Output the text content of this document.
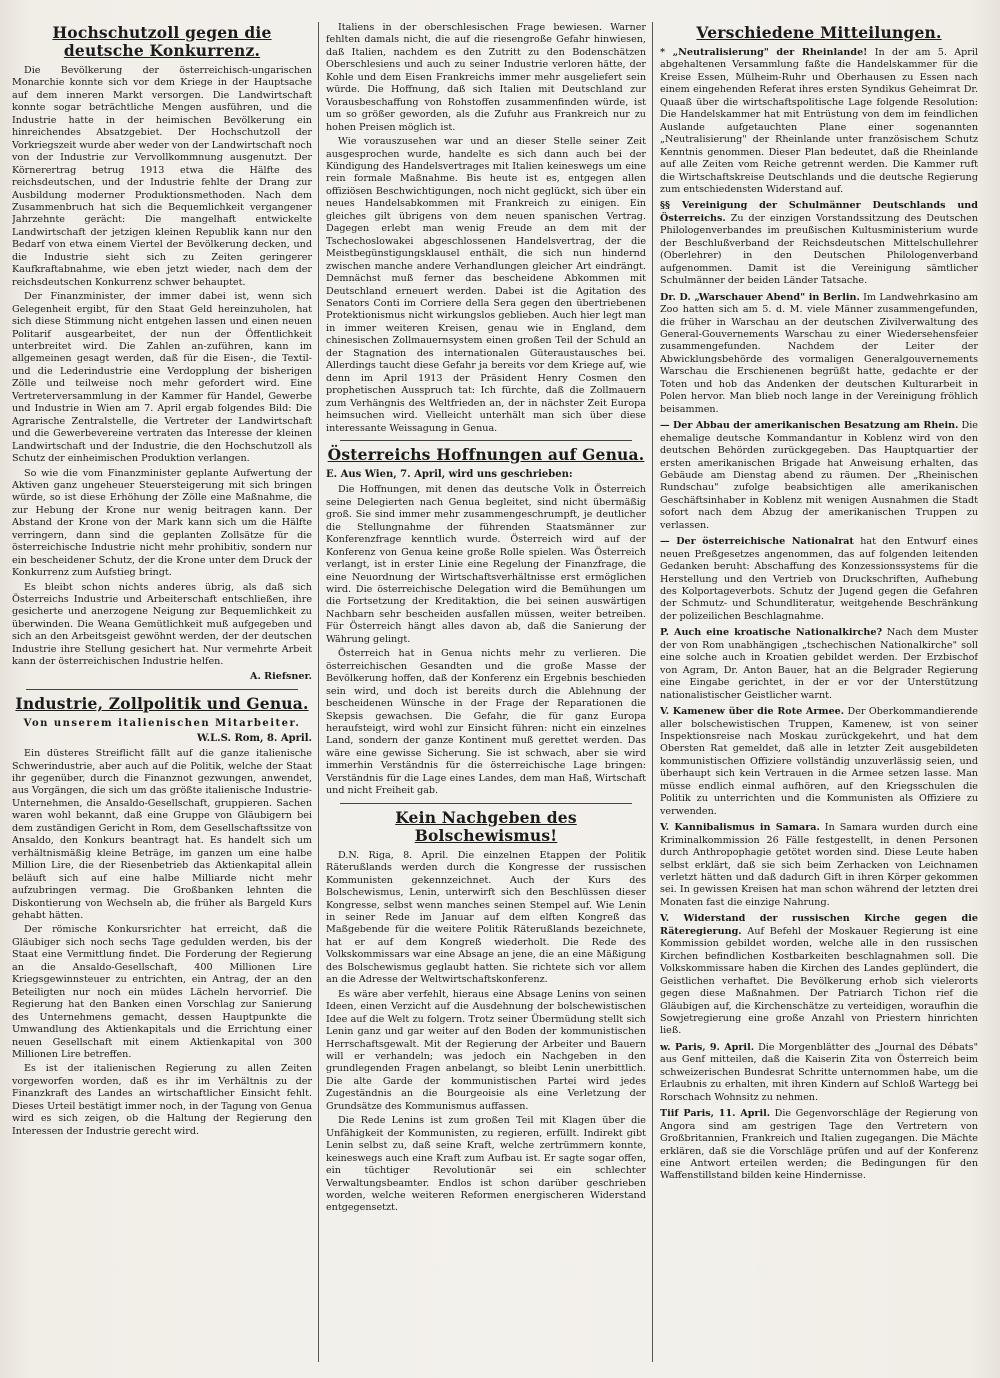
Hochschutzoll gegen die deutsche Konkurrenz.

Die Bevölkerung der österreichisch-ungarischen Monarchie konnte sich vor dem Kriege in der Hauptsache auf dem inneren Markt versorgen. Die Landwirtschaft konnte sogar beträchtliche Mengen ausführen, und die Industrie hatte in der heimischen Bevölkerung ein hinreichendes Absatzgebiet. Der Hochschutzoll der Vorkriegszeit wurde aber weder von der Landwirtschaft noch von der Industrie zur Vervollkommnung ausgenutzt. Der Körnerertrag betrug 1913 etwa die Hälfte des reichsdeutschen, und der Industrie fehlte der Drang zur Ausbildung moderner Produktionsmethoden. Nach dem Zusammenbruch hat sich die Bequemlichkeit vergangener Jahrzehnte gerächt: Die mangelhaft entwickelte Landwirtschaft der jetzigen kleinen Republik kann nur den Bedarf von etwa einem Viertel der Bevölkerung decken, und die Industrie sieht sich zu Zeiten geringerer Kaufkraftabnahme, wie eben jetzt wieder, nach dem der reichsdeutschen Konkurrenz schwer behauptet.

Der Finanzminister, der immer dabei ist, wenn sich Gelegenheit ergibt, für den Staat Geld hereinzuholen, hat sich diese Stimmung nicht entgehen lassen und einen neuen Politarif ausgearbeitet, der nun der Öffentlichkeit unterbreitet wird. Die Zahlen an-zuführen, kann im allgemeinen gesagt werden, daß für die Eisen-, die Textil- und die Lederindustrie eine Verdopplung der bisherigen Zölle und teilweise noch mehr gefordert wird. Eine Vertreterversammlung in der Kammer für Handel, Gewerbe und Industrie in Wien am 7. April ergab folgendes Bild: Die Agrarische Zentralstelle, die Vertreter der Landwirtschaft und die Gewerbevereine vertraten das Interesse der kleinen Landwirtschaft und der Industrie, die den Hochschutzoll als Schutz der einheimischen Produktion verlangen.

So wie die vom Finanzminister geplante Aufwertung der Aktiven ganz ungeheuer Steuersteigerung mit sich bringen würde, so ist diese Erhöhung der Zölle eine Maßnahme, die zur Hebung der Krone nur wenig beitragen kann. Der Abstand der Krone von der Mark kann sich um die Hälfte verringern, dann sind die geplanten Zollsätze für die österreichische Industrie nicht mehr prohibitiv, sondern nur ein bescheidener Schutz, der die Krone unter dem Druck der Konkurrenz zum Aufstieg bringt.

Es bleibt schon nichts anderes übrig, als daß sich Österreichs Industrie und Arbeiterschaft entschließen, ihre gesicherte und anerzogene Neigung zur Bequemlichkeit zu überwinden. Die Weana Gemütlichkeit muß aufgegeben und sich an den Arbeitsgeist gewöhnt werden, der der deutschen Industrie ihre Stellung gesichert hat. Nur vermehrte Arbeit kann der österreichischen Industrie helfen.

A. Riefsner.
Industrie, Zollpolitik und Genua.
Von unserem italienischen Mitarbeiter.
W.L.S. Rom, 8. April.

Ein düsteres Streiflicht fällt auf die ganze italienische Schwerindustrie, aber auch auf die Politik, welche der Staat ihr gegenüber, durch die Finanznot gezwungen, anwendet, aus Vorgängen, die sich um das größte italienische Industrie-Unternehmen, die Ansaldo-Gesellschaft, gruppieren. Sachen waren wohl bekannt, daß eine Gruppe von Gläubigern bei dem zuständigen Gericht in Rom, dem Gesellschaftssitze von Ansaldo, den Konkurs beantragt hat. Es handelt sich um verhältnismäßig kleine Beträge, im ganzen um eine halbe Million Lire, die der Riesenbetrieb das Aktienkapital allein beläuft sich auf eine halbe Milliarde nicht mehr aufzubringen vermag. Die Großbanken lehnten die Diskontierung von Wechseln ab, die früher als Bargeld Kurs gehabt hätten.

Der römische Konkursrichter hat erreicht, daß die Gläubiger sich noch sechs Tage gedulden werden, bis der Staat eine Vermittlung findet. Die Forderung der Regierung an die Ansaldo-Gesellschaft, 400 Millionen Lire Kriegsgewinnsteuer zu entrichten, ein Antrag, der an den Beteiligten nur noch ein müdes Lächeln hervorrief. Die Regierung hat den Banken einen Vorschlag zur Sanierung des Unternehmens gemacht, dessen Hauptpunkte die Umwandlung des Aktienkapitals und die Errichtung einer neuen Gesellschaft mit einem Aktienkapital von 300 Millionen Lire betreffen.

Es ist der italienischen Regierung zu allen Zeiten vorgeworfen worden, daß es ihr im Verhältnis zu der Finanzkraft des Landes an wirtschaftlicher Einsicht fehlt. Dieses Urteil bestätigt immer noch, in der Tagung von Genua wird es sich zeigen, ob die Haltung der Regierung den Interessen der Industrie gerecht wird.

Italiens in der oberschlesischen Frage bewiesen. Warner fehlten damals nicht, die auf die riesengroße Gefahr hinwiesen, daß Italien, nachdem es den Zutritt zu den Bodenschätzen Oberschlesiens und auch zu seiner Industrie verloren hätte, der Kohle und dem Eisen Frankreichs immer mehr ausgeliefert sein würde. Die Hoffnung, daß sich Italien mit Deutschland zur Vorausbeschaffung von Rohstoffen zusammenfinden würde, ist um so größer geworden, als die Zufuhr aus Frankreich nur zu hohen Preisen möglich ist.

Wie vorauszusehen war und an dieser Stelle seiner Zeit ausgesprochen wurde, handelte es sich dann auch bei der Kündigung des Handelsvertrages mit Italien keineswegs um eine rein formale Maßnahme. Bis heute ist es, entgegen allen offiziösen Beschwichtigungen, noch nicht geglückt, sich über ein neues Handelsabkommen mit Frankreich zu einigen. Ein gleiches gilt übrigens von dem neuen spanischen Vertrag. Dagegen erlebt man wenig Freude an dem mit der Tschechoslowakei abgeschlossenen Handelsvertrag, der die Meistbegünstigungsklausel enthält, die sich nun hindernd zwischen manche andere Verhandlungen gleicher Art eindrängt. Demnächst muß ferner das bescheidene Abkommen mit Deutschland erneuert werden. Dabei ist die Agitation des Senators Conti im Corriere della Sera gegen den übertriebenen Protektionismus nicht wirkungslos geblieben. Auch hier legt man in immer weiteren Kreisen, genau wie in England, dem chinesischen Zollmauernsystem einen großen Teil der Schuld an der Stagnation des internationalen Güteraustausches bei. Allerdings taucht diese Gefahr ja bereits vor dem Kriege auf, wie denn im April 1913 der Präsident Henry Cosmen den prophetischen Ausspruch tat: Ich fürchte, daß die Zollmauern zum Verhängnis des Weltfrieden an, der in nächster Zeit Europa heimsuchen wird. Vielleicht unterhält man sich über diese interessante Weissagung in Genua.

Österreichs Hoffnungen auf Genua.
E. Aus Wien, 7. April, wird uns geschrieben:

Die Hoffnungen, mit denen das deutsche Volk in Österreich seine Delegierten nach Genua begleitet, sind nicht übermäßig groß. Sie sind immer mehr zusammengeschrumpft, je deutlicher die Stellungnahme der führenden Staatsmänner zur Konferenzfrage kenntlich wurde. Österreich wird auf der Konferenz von Genua keine große Rolle spielen. Was Österreich verlangt, ist in erster Linie eine Regelung der Finanzfrage, die eine Neuordnung der Wirtschaftsverhältnisse erst ermöglichen wird. Die österreichische Delegation wird die Bemühungen um die Fortsetzung der Kreditaktion, die bei seinen auswärtigen Nachbarn sehr bescheiden ausfallen müssen, weiter betreiben. Für Österreich hängt alles davon ab, daß die Sanierung der Währung gelingt.

Österreich hat in Genua nichts mehr zu verlieren. Die österreichischen Gesandten und die große Masse der Bevölkerung hoffen, daß der Konferenz ein Ergebnis beschieden sein wird, und doch ist bereits durch die Ablehnung der bescheidenen Wünsche in der Frage der Reparationen die Skepsis gewachsen. Die Gefahr, die für ganz Europa heraufsteigt, wird wohl zur Einsicht führen: nicht ein einzelnes Land, sondern der ganze Kontinent muß gerettet werden. Das wäre eine gewisse Sicherung. Sie ist schwach, aber sie wird immerhin Verständnis für die österreichische Lage bringen: Verständnis für die Lage eines Landes, dem man Haß, Wirtschaft und nicht Freiheit gab.

Kein Nachgeben des Bolschewismus!

D.N. Riga, 8. April. Die einzelnen Etappen der Politik Räterußlands werden durch die Kongresse der russischen Kommunisten gekennzeichnet. Auch der Kurs des Bolschewismus, Lenin, unterwirft sich den Beschlüssen dieser Kongresse, selbst wenn manches seinen Stempel auf. Wie Lenin in seiner Rede im Januar auf dem elften Kongreß das Maßgebende für die weitere Politik Räterußlands bezeichnete, hat er auf dem Kongreß wiederholt. Die Rede des Volkskommissars war eine Absage an jene, die an eine Mäßigung des Bolschewismus geglaubt hatten. Sie richtete sich vor allem an die Adresse der Weltwirtschaftskonferenz.

Es wäre aber verfehlt, hieraus eine Absage Lenins von seinen Ideen, einen Verzicht auf die Ausdehnung der bolschewistischen Idee auf die Welt zu folgern. Trotz seiner Übermüdung stellt sich Lenin ganz und gar weiter auf den Boden der kommunistischen Herrschaftsgewalt. Mit der Regierung der Arbeiter und Bauern will er verhandeln; was jedoch ein Nachgeben in den grundlegenden Fragen anbelangt, so bleibt Lenin unerbittlich. Die alte Garde der kommunistischen Partei wird jedes Zugeständnis an die Bourgeoisie als eine Verletzung der Grundsätze des Kommunismus auffassen.

Die Rede Lenins ist zum großen Teil mit Klagen über die Unfähigkeit der Kommunisten, zu regieren, erfüllt. Indirekt gibt Lenin selbst zu, daß seine Kraft, welche zertrümmern konnte, keineswegs auch eine Kraft zum Aufbau ist. Er sagte sogar offen, ein tüchtiger Revolutionär sei ein schlechter Verwaltungsbeamter. Endlos ist schon darüber geschrieben worden, welche weiteren Reformen energischeren Widerstand entgegensetzt.

Verschiedene Mitteilungen.
* „Neutralisierung" der Rheinlande! In der am 5. April abgehaltenen Versammlung faßte die Handelskammer für die Kreise Essen, Mülheim-Ruhr und Oberhausen zu Essen nach einem eingehenden Referat ihres ersten Syndikus Geheimrat Dr. Quaaß über die wirtschaftspolitische Lage folgende Resolution: Die Handelskammer hat mit Entrüstung von dem im feindlichen Auslande aufgetauchten Plane einer sogenannten „Neutralisierung" der Rheinlande unter französischem Schutz Kenntnis genommen. Dieser Plan bedeutet, daß die Rheinlande auf alle Zeiten vom Reiche getrennt werden. Die Kammer ruft die Wirtschaftskreise Deutschlands und die deutsche Regierung zum entschiedensten Widerstand auf.
§§ Vereinigung der Schulmänner Deutschlands und Österreichs. Zu der einzigen Vorstandssitzung des Deutschen Philologenverbandes im preußischen Kultusministerium wurde der Beschlußverband der Reichsdeutschen Mittelschullehrer (Oberlehrer) in den Deutschen Philologenverband aufgenommen. Damit ist die Vereinigung sämtlicher Schulmänner der beiden Länder Tatsache.
Dr. D. „Warschauer Abend" in Berlin. Im Landwehrkasino am Zoo hatten sich am 5. d. M. viele Männer zusammengefunden, die früher in Warschau an der deutschen Zivilverwaltung des General-Gouvernements Warschau zu einer Wiedersehensfeier zusammengefunden. Nachdem der Leiter der Abwicklungsbehörde des vormaligen Generalgouvernements Warschau die Erschienenen begrüßt hatte, gedachte er der Toten und hob das Andenken der deutschen Kulturarbeit in Polen hervor. Man blieb noch lange in der Vereinigung fröhlich beisammen.
— Der Abbau der amerikanischen Besatzung am Rhein. Die ehemalige deutsche Kommandantur in Koblenz wird von den deutschen Behörden zurückgegeben. Das Hauptquartier der ersten amerikanischen Brigade hat Anweisung erhalten, das Gebäude am Dienstag abend zu räumen. Der „Rheinischen Rundschau" zufolge beabsichtigen alle amerikanischen Geschäftsinhaber in Koblenz mit wenigen Ausnahmen die Stadt sofort nach dem Abzug der amerikanischen Truppen zu verlassen.
— Der österreichische Nationalrat hat den Entwurf eines neuen Preßgesetzes angenommen, das auf folgenden leitenden Gedanken beruht: Abschaffung des Konzessionssystems für die Herstellung und den Vertrieb von Druckschriften, Aufhebung des Kolportageverbots. Schutz der Jugend gegen die Gefahren der Schmutz- und Schundliteratur, weitgehende Beschränkung der polizeilichen Beschlagnahme.
P. Auch eine kroatische Nationalkirche? Nach dem Muster der von Rom unabhängigen „tschechischen Nationalkirche" soll eine solche auch in Kroatien gebildet werden. Der Erzbischof von Agram, Dr. Anton Bauer, hat an die Belgrader Regierung eine Eingabe gerichtet, in der er vor der Unterstützung nationalistischer Geistlicher warnt.
V. Kamenew über die Rote Armee. Der Oberkommandierende aller bolschewistischen Truppen, Kamenew, ist von seiner Inspektionsreise nach Moskau zurückgekehrt, und hat dem Obersten Rat gemeldet, daß alle in letzter Zeit ausgebildeten kommunistischen Offiziere vollständig unzuverlässig seien, und überhaupt sich kein Vertrauen in die Armee setzen lasse. Man müsse endlich einmal aufhören, auf den Kriegsschulen die Politik zu unterrichten und die Kommunisten als Offiziere zu verwenden.
V. Kannibalismus in Samara. In Samara wurden durch eine Kriminalkommission 26 Fälle festgestellt, in denen Personen durch Anthropophagie getötet worden sind. Diese Leute haben selbst erklärt, daß sie sich beim Zerhacken von Leichnamen verletzt hätten und daß dadurch Gift in ihren Körper gekommen sei. In gewissen Kreisen hat man schon während der letzten drei Monaten fast die einzige Nahrung.
V. Widerstand der russischen Kirche gegen die Räteregierung. Auf Befehl der Moskauer Regierung ist eine Kommission gebildet worden, welche alle in den russischen Kirchen befindlichen Kostbarkeiten beschlagnahmen soll. Die Volkskommissare haben die Kirchen des Landes geplündert, die Geistlichen verhaftet. Die Bevölkerung erhob sich vielerorts gegen diese Maßnahmen. Der Patriarch Tichon rief die Gläubigen auf, die Kirchenschätze zu verteidigen, woraufhin die Sowjetregierung eine große Anzahl von Priestern hinrichten ließ.
w. Paris, 9. April. Die Morgenblätter des „Journal des Débats" aus Genf mitteilen, daß die Kaiserin Zita von Österreich beim schweizerischen Bundesrat Schritte unternommen habe, um die Erlaubnis zu erhalten, mit ihren Kindern auf Schloß Wartegg bei Rorschach Wohnsitz zu nehmen.
Tiif Paris, 11. April. Die Gegenvorschläge der Regierung von Angora sind am gestrigen Tage den Vertretern von Großbritannien, Frankreich und Italien zugegangen. Die Mächte erklären, daß sie die Vorschläge prüfen und auf der Konferenz eine Antwort erteilen werden; die Bedingungen für den Waffenstillstand bilden keine Hindernisse.
